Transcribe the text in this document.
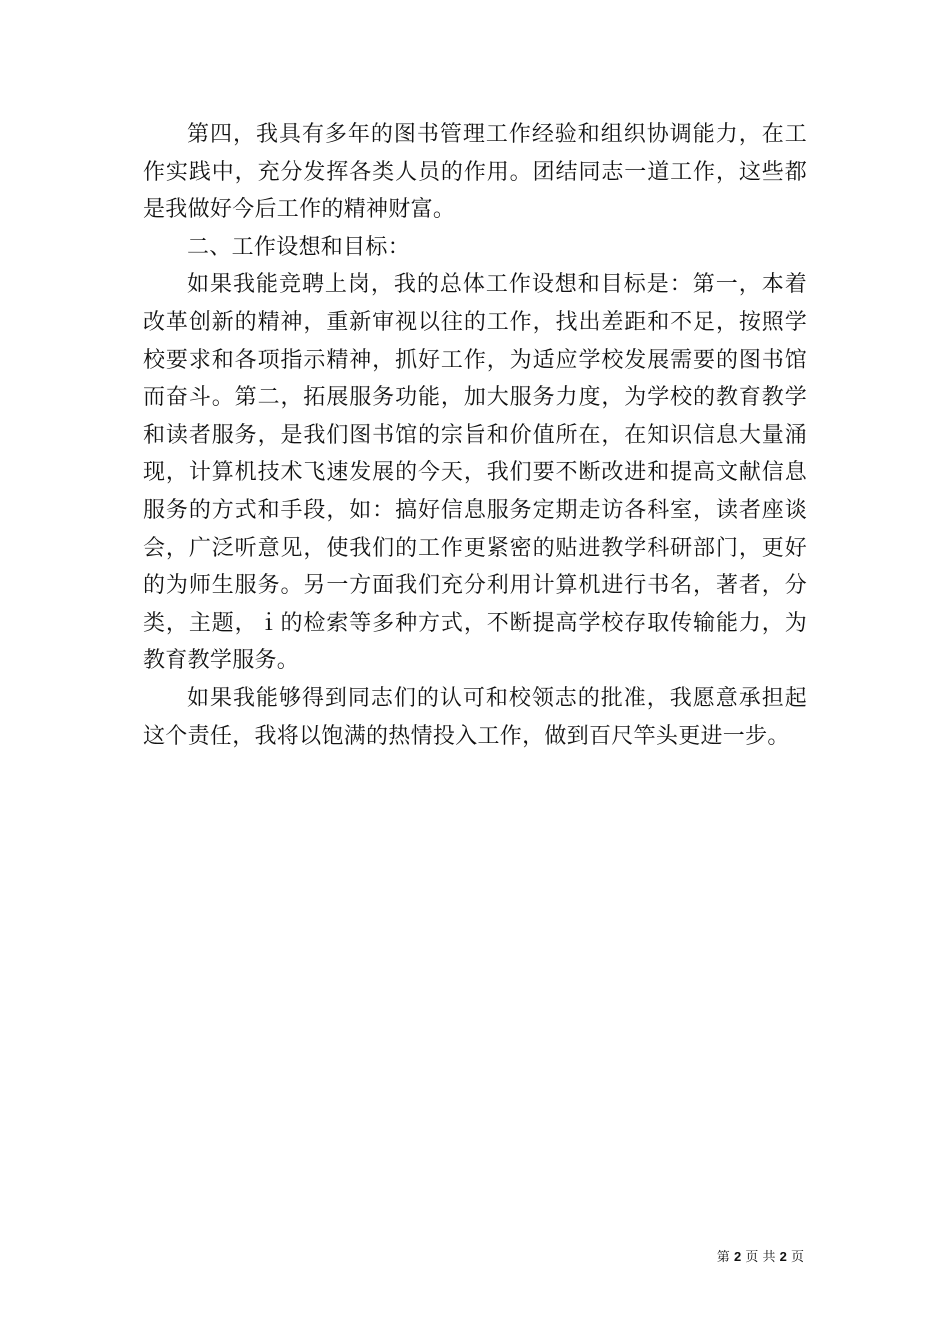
第四，我具有多年的图书管理工作经验和组织协调能力，在工作实践中，充分发挥各类人员的作用。团结同志一道工作，这些都是我做好今后工作的精神财富。

二、工作设想和目标：

如果我能竞聘上岗，我的总体工作设想和目标是：第一，本着改革创新的精神，重新审视以往的工作，找出差距和不足，按照学校要求和各项指示精神，抓好工作，为适应学校发展需要的图书馆而奋斗。第二，拓展服务功能，加大服务力度，为学校的教育教学和读者服务，是我们图书馆的宗旨和价值所在，在知识信息大量涌现，计算机技术飞速发展的今天，我们要不断改进和提高文献信息服务的方式和手段，如：搞好信息服务定期走访各科室，读者座谈会，广泛听意见，使我们的工作更紧密的贴进教学科研部门，更好的为师生服务。另一方面我们充分利用计算机进行书名，著者，分类，主题，ｉ的检索等多种方式，不断提高学校存取传输能力，为教育教学服务。

如果我能够得到同志们的认可和校领志的批准，我愿意承担起这个责任，我将以饱满的热情投入工作，做到百尺竿头更进一步。

第 2 页 共 2 页
